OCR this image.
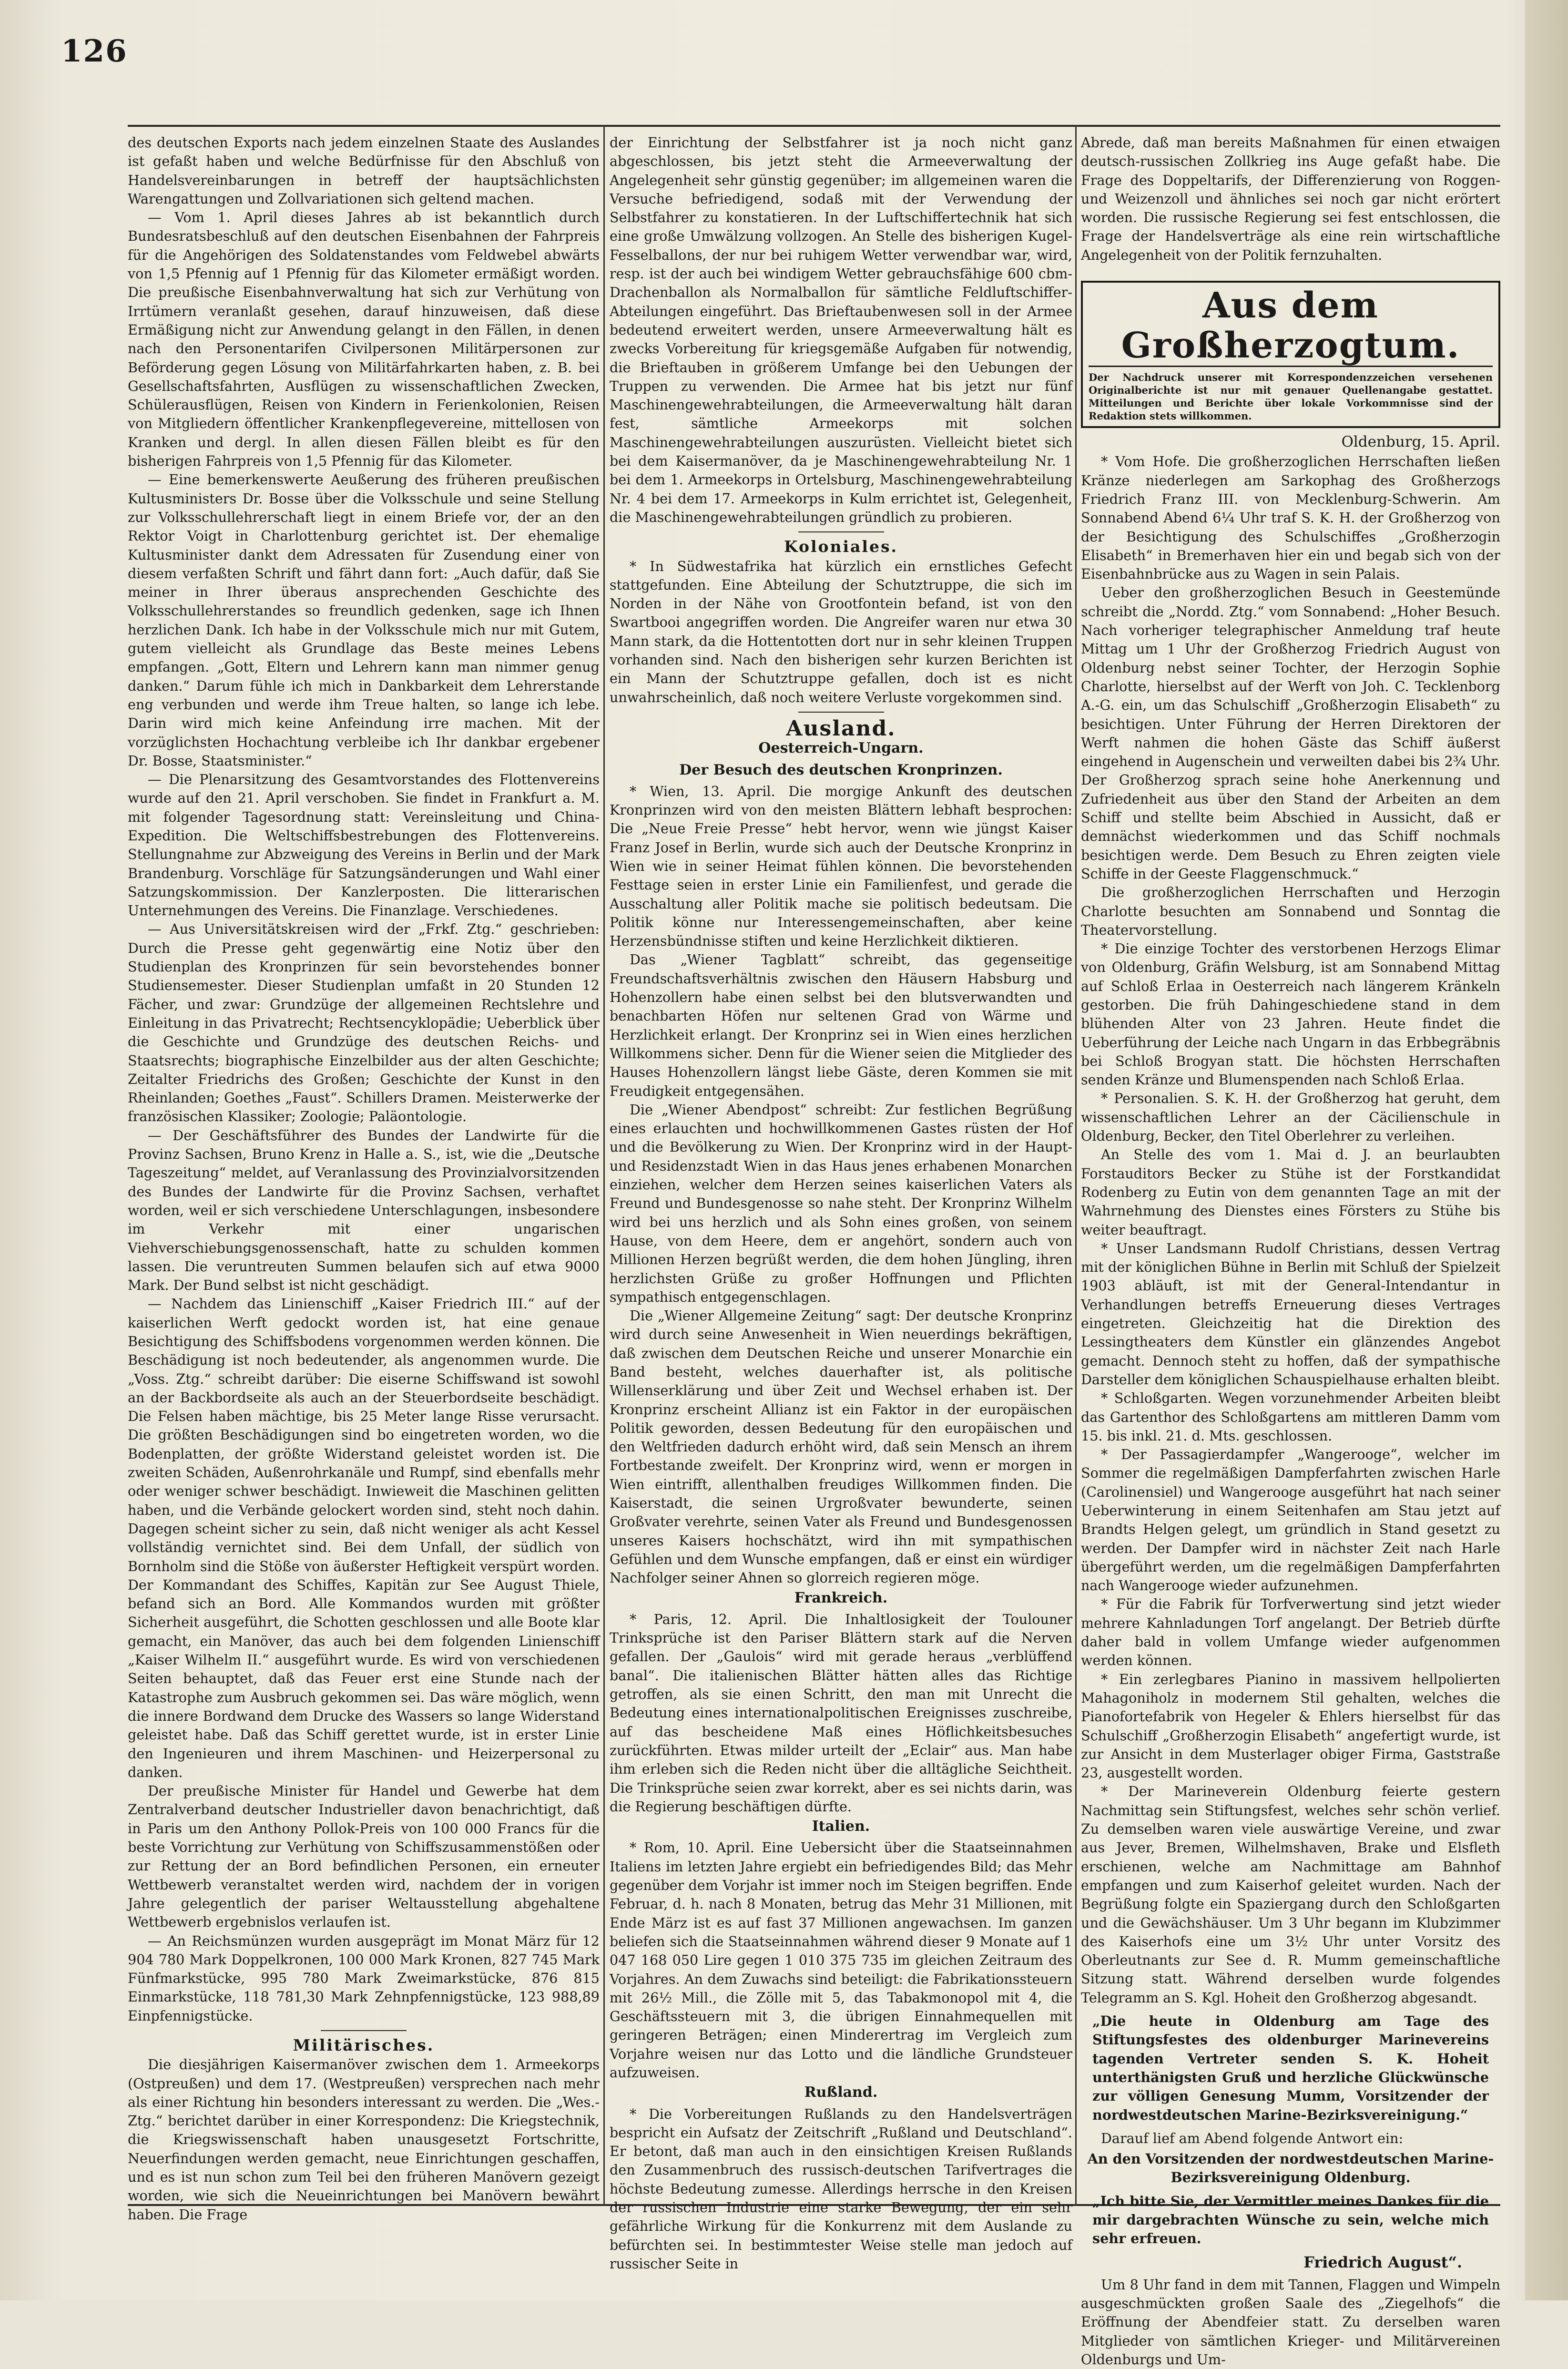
126

des deutschen Exports nach jedem einzelnen Staate des Auslandes ist gefaßt haben und welche Bedürfnisse für den Abschluß von Handelsvereinbarungen in betreff der hauptsächlichsten Warengattungen und Zollvariationen sich geltend machen.

— Vom 1. April dieses Jahres ab ist bekanntlich durch Bundesratsbeschluß auf den deutschen Eisenbahnen der Fahrpreis für die Angehörigen des Soldatenstandes vom Feldwebel abwärts von 1,5 Pfennig auf 1 Pfennig für das Kilometer ermäßigt worden. Die preußische Eisenbahnverwaltung hat sich zur Verhütung von Irrtümern veranlaßt gesehen, darauf hinzuweisen, daß diese Ermäßigung nicht zur Anwendung gelangt in den Fällen, in denen nach den Personentarifen Civilpersonen Militärpersonen zur Beförderung gegen Lösung von Militärfahrkarten haben, z. B. bei Gesellschaftsfahrten, Ausflügen zu wissenschaftlichen Zwecken, Schülerausflügen, Reisen von Kindern in Ferienkolonien, Reisen von Mitgliedern öffentlicher Krankenpflegevereine, mittellosen von Kranken und dergl. In allen diesen Fällen bleibt es für den bisherigen Fahrpreis von 1,5 Pfennig für das Kilometer.

— Eine bemerkenswerte Aeußerung des früheren preußischen Kultusministers Dr. Bosse über die Volksschule und seine Stellung zur Volksschullehrerschaft liegt in einem Briefe vor, der an den Rektor Voigt in Charlottenburg gerichtet ist. Der ehemalige Kultusminister dankt dem Adressaten für Zusendung einer von diesem verfaßten Schrift und fährt dann fort: „Auch dafür, daß Sie meiner in Ihrer überaus ansprechenden Geschichte des Volksschullehrerstandes so freundlich gedenken, sage ich Ihnen herzlichen Dank. Ich habe in der Volksschule mich nur mit Gutem, gutem vielleicht als Grundlage das Beste meines Lebens empfangen. „Gott, Eltern und Lehrern kann man nimmer genug danken.“ Darum fühle ich mich in Dankbarkeit dem Lehrerstande eng verbunden und werde ihm Treue halten, so lange ich lebe. Darin wird mich keine Anfeindung irre machen. Mit der vorzüglichsten Hochachtung verbleibe ich Ihr dankbar ergebener Dr. Bosse, Staatsminister.“

— Die Plenarsitzung des Gesamtvorstandes des Flottenvereins wurde auf den 21. April verschoben. Sie findet in Frankfurt a. M. mit folgender Tagesordnung statt: Vereinsleitung und China-Expedition. Die Weltschiffsbestrebungen des Flottenvereins. Stellungnahme zur Abzweigung des Vereins in Berlin und der Mark Brandenburg. Vorschläge für Satzungsänderungen und Wahl einer Satzungskommission. Der Kanzlerposten. Die litterarischen Unternehmungen des Vereins. Die Finanzlage. Verschiedenes.

— Aus Universitätskreisen wird der „Frkf. Ztg.“ geschrieben: Durch die Presse geht gegenwärtig eine Notiz über den Studienplan des Kronprinzen für sein bevorstehendes bonner Studiensemester. Dieser Studienplan umfaßt in 20 Stunden 12 Fächer, und zwar: Grundzüge der allgemeinen Rechtslehre und Einleitung in das Privatrecht; Rechtsencyklopädie; Ueberblick über die Geschichte und Grundzüge des deutschen Reichs- und Staatsrechts; biographische Einzelbilder aus der alten Geschichte; Zeitalter Friedrichs des Großen; Geschichte der Kunst in den Rheinlanden; Goethes „Faust“. Schillers Dramen. Meisterwerke der französischen Klassiker; Zoologie; Paläontologie.

— Der Geschäftsführer des Bundes der Landwirte für die Provinz Sachsen, Bruno Krenz in Halle a. S., ist, wie die „Deutsche Tageszeitung“ meldet, auf Veranlassung des Provinzialvorsitzenden des Bundes der Landwirte für die Provinz Sachsen, verhaftet worden, weil er sich verschiedene Unterschlagungen, insbesondere im Verkehr mit einer ungarischen Viehverschiebungsgenossenschaft, hatte zu schulden kommen lassen. Die veruntreuten Summen belaufen sich auf etwa 9000 Mark. Der Bund selbst ist nicht geschädigt.

— Nachdem das Linienschiff „Kaiser Friedrich III.“ auf der kaiserlichen Werft gedockt worden ist, hat eine genaue Besichtigung des Schiffsbodens vorgenommen werden können. Die Beschädigung ist noch bedeutender, als angenommen wurde. Die „Voss. Ztg.“ schreibt darüber: Die eiserne Schiffswand ist sowohl an der Backbordseite als auch an der Steuerbordseite beschädigt. Die Felsen haben mächtige, bis 25 Meter lange Risse verursacht. Die größten Beschädigungen sind bo eingetreten worden, wo die Bodenplatten, der größte Widerstand geleistet worden ist. Die zweiten Schäden, Außenrohrkanäle und Rumpf, sind ebenfalls mehr oder weniger schwer beschädigt. Inwieweit die Maschinen gelitten haben, und die Verbände gelockert worden sind, steht noch dahin. Dagegen scheint sicher zu sein, daß nicht weniger als acht Kessel vollständig vernichtet sind. Bei dem Unfall, der südlich von Bornholm sind die Stöße von äußerster Heftigkeit verspürt worden. Der Kommandant des Schiffes, Kapitän zur See August Thiele, befand sich an Bord. Alle Kommandos wurden mit größter Sicherheit ausgeführt, die Schotten geschlossen und alle Boote klar gemacht, ein Manöver, das auch bei dem folgenden Linienschiff „Kaiser Wilhelm II.“ ausgeführt wurde. Es wird von verschiedenen Seiten behauptet, daß das Feuer erst eine Stunde nach der Katastrophe zum Ausbruch gekommen sei. Das wäre möglich, wenn die innere Bordwand dem Drucke des Wassers so lange Widerstand geleistet habe. Daß das Schiff gerettet wurde, ist in erster Linie den Ingenieuren und ihrem Maschinen- und Heizerpersonal zu danken.

Der preußische Minister für Handel und Gewerbe hat dem Zentralverband deutscher Industrieller davon benachrichtigt, daß in Paris um den Anthony Pollok-Preis von 100 000 Francs für die beste Vorrichtung zur Verhütung von Schiffszusammenstößen oder zur Rettung der an Bord befindlichen Personen, ein erneuter Wettbewerb veranstaltet werden wird, nachdem der in vorigen Jahre gelegentlich der pariser Weltausstellung abgehaltene Wettbewerb ergebnislos verlaufen ist.

— An Reichsmünzen wurden ausgeprägt im Monat März für 12 904 780 Mark Doppelkronen, 100 000 Mark Kronen, 827 745 Mark Fünfmarkstücke, 995 780 Mark Zweimarkstücke, 876 815 Einmarkstücke, 118 781,30 Mark Zehnpfennigstücke, 123 988,89 Einpfennigstücke.

Militärisches.

Die diesjährigen Kaisermanöver zwischen dem 1. Armeekorps (Ostpreußen) und dem 17. (Westpreußen) versprechen nach mehr als einer Richtung hin besonders interessant zu werden. Die „Wes.-Ztg.“ berichtet darüber in einer Korrespondenz: Die Kriegstechnik, die Kriegswissenschaft haben unausgesetzt Fortschritte, Neuerfindungen werden gemacht, neue Einrichtungen geschaffen, und es ist nun schon zum Teil bei den früheren Manövern gezeigt worden, wie sich die Neueinrichtungen bei Manövern bewährt haben. Die Frage

der Einrichtung der Selbstfahrer ist ja noch nicht ganz abgeschlossen, bis jetzt steht die Armeeverwaltung der Angelegenheit sehr günstig gegenüber; im allgemeinen waren die Versuche befriedigend, sodaß mit der Verwendung der Selbstfahrer zu konstatieren. In der Luftschiffertechnik hat sich eine große Umwälzung vollzogen. An Stelle des bisherigen Kugel-Fesselballons, der nur bei ruhigem Wetter verwendbar war, wird, resp. ist der auch bei windigem Wetter gebrauchsfähige 600 cbm-Drachenballon als Normalballon für sämtliche Feldluftschiffer-Abteilungen eingeführt. Das Brieftaubenwesen soll in der Armee bedeutend erweitert werden, unsere Armeeverwaltung hält es zwecks Vorbereitung für kriegsgemäße Aufgaben für notwendig, die Brieftauben in größerem Umfange bei den Uebungen der Truppen zu verwenden. Die Armee hat bis jetzt nur fünf Maschinengewehrabteilungen, die Armeeverwaltung hält daran fest, sämtliche Armeekorps mit solchen Maschinengewehrabteilungen auszurüsten. Vielleicht bietet sich bei dem Kaisermanöver, da je Maschinengewehrabteilung Nr. 1 bei dem 1. Armeekorps in Ortelsburg, Maschinengewehrabteilung Nr. 4 bei dem 17. Armeekorps in Kulm errichtet ist, Gelegenheit, die Maschinengewehrabteilungen gründlich zu probieren.

Koloniales.

* In Südwestafrika hat kürzlich ein ernstliches Gefecht stattgefunden. Eine Abteilung der Schutztruppe, die sich im Norden in der Nähe von Grootfontein befand, ist von den Swartbooi angegriffen worden. Die Angreifer waren nur etwa 30 Mann stark, da die Hottentotten dort nur in sehr kleinen Truppen vorhanden sind. Nach den bisherigen sehr kurzen Berichten ist ein Mann der Schutztruppe gefallen, doch ist es nicht unwahrscheinlich, daß noch weitere Verluste vorgekommen sind.

Ausland.
Oesterreich-Ungarn.
Der Besuch des deutschen Kronprinzen.

* Wien, 13. April. Die morgige Ankunft des deutschen Kronprinzen wird von den meisten Blättern lebhaft besprochen: Die „Neue Freie Presse“ hebt hervor, wenn wie jüngst Kaiser Franz Josef in Berlin, wurde sich auch der Deutsche Kronprinz in Wien wie in seiner Heimat fühlen können. Die bevorstehenden Festtage seien in erster Linie ein Familienfest, und gerade die Ausschaltung aller Politik mache sie politisch bedeutsam. Die Politik könne nur Interessengemeinschaften, aber keine Herzensbündnisse stiften und keine Herzlichkeit diktieren.

Das „Wiener Tagblatt“ schreibt, das gegenseitige Freundschaftsverhältnis zwischen den Häusern Habsburg und Hohenzollern habe einen selbst bei den blutsverwandten und benachbarten Höfen nur seltenen Grad von Wärme und Herzlichkeit erlangt. Der Kronprinz sei in Wien eines herzlichen Willkommens sicher. Denn für die Wiener seien die Mitglieder des Hauses Hohenzollern längst liebe Gäste, deren Kommen sie mit Freudigkeit entgegensähen.

Die „Wiener Abendpost“ schreibt: Zur festlichen Begrüßung eines erlauchten und hochwillkommenen Gastes rüsten der Hof und die Bevölkerung zu Wien. Der Kronprinz wird in der Haupt- und Residenzstadt Wien in das Haus jenes erhabenen Monarchen einziehen, welcher dem Herzen seines kaiserlichen Vaters als Freund und Bundesgenosse so nahe steht. Der Kronprinz Wilhelm wird bei uns herzlich und als Sohn eines großen, von seinem Hause, von dem Heere, dem er angehört, sondern auch von Millionen Herzen begrüßt werden, die dem hohen Jüngling, ihren herzlichsten Grüße zu großer Hoffnungen und Pflichten sympathisch entgegenschlagen.

Die „Wiener Allgemeine Zeitung“ sagt: Der deutsche Kronprinz wird durch seine Anwesenheit in Wien neuerdings bekräftigen, daß zwischen dem Deutschen Reiche und unserer Monarchie ein Band besteht, welches dauerhafter ist, als politische Willenserklärung und über Zeit und Wechsel erhaben ist. Der Kronprinz erscheint Allianz ist ein Faktor in der europäischen Politik geworden, dessen Bedeutung für den europäischen und den Weltfrieden dadurch erhöht wird, daß sein Mensch an ihrem Fortbestande zweifelt. Der Kronprinz wird, wenn er morgen in Wien eintrifft, allenthalben freudiges Willkommen finden. Die Kaiserstadt, die seinen Urgroßvater bewunderte, seinen Großvater verehrte, seinen Vater als Freund und Bundesgenossen unseres Kaisers hochschätzt, wird ihn mit sympathischen Gefühlen und dem Wunsche empfangen, daß er einst ein würdiger Nachfolger seiner Ahnen so glorreich regieren möge.

Frankreich.

* Paris, 12. April. Die Inhaltlosigkeit der Toulouner Trinksprüche ist den Pariser Blättern stark auf die Nerven gefallen. Der „Gaulois“ wird mit gerade heraus „verblüffend banal“. Die italienischen Blätter hätten alles das Richtige getroffen, als sie einen Schritt, den man mit Unrecht die Bedeutung eines internationalpolitischen Ereignisses zuschreibe, auf das bescheidene Maß eines Höflichkeitsbesuches zurückführten. Etwas milder urteilt der „Eclair“ aus. Man habe ihm erleben sich die Reden nicht über die alltägliche Seichtheit. Die Trinksprüche seien zwar korrekt, aber es sei nichts darin, was die Regierung beschäftigen dürfte.

Italien.

* Rom, 10. April. Eine Uebersicht über die Staatseinnahmen Italiens im letzten Jahre ergiebt ein befriedigendes Bild; das Mehr gegenüber dem Vorjahr ist immer noch im Steigen begriffen. Ende Februar, d. h. nach 8 Monaten, betrug das Mehr 31 Millionen, mit Ende März ist es auf fast 37 Millionen angewachsen. Im ganzen beliefen sich die Staatseinnahmen während dieser 9 Monate auf 1 047 168 050 Lire gegen 1 010 375 735 im gleichen Zeitraum des Vorjahres. An dem Zuwachs sind beteiligt: die Fabrikationssteuern mit 26½ Mill., die Zölle mit 5, das Tabakmonopol mit 4, die Geschäftssteuern mit 3, die übrigen Einnahmequellen mit geringeren Beträgen; einen Minderertrag im Vergleich zum Vorjahre weisen nur das Lotto und die ländliche Grundsteuer aufzuweisen.

Rußland.

* Die Vorbereitungen Rußlands zu den Handelsverträgen bespricht ein Aufsatz der Zeitschrift „Rußland und Deutschland“. Er betont, daß man auch in den einsichtigen Kreisen Rußlands den Zusammenbruch des russisch-deutschen Tarifvertrages die höchste Bedeutung zumesse. Allerdings herrsche in den Kreisen der russischen Industrie eine starke Bewegung, der ein sehr gefährliche Wirkung für die Konkurrenz mit dem Auslande zu befürchten sei. In bestimmtester Weise stelle man jedoch auf russischer Seite in

Abrede, daß man bereits Maßnahmen für einen etwaigen deutsch-russischen Zollkrieg ins Auge gefaßt habe. Die Frage des Doppeltarifs, der Differenzierung von Roggen- und Weizenzoll und ähnliches sei noch gar nicht erörtert worden. Die russische Regierung sei fest entschlossen, die Frage der Handelsverträge als eine rein wirtschaftliche Angelegenheit von der Politik fernzuhalten.

Aus dem Großherzogtum.
Der Nachdruck unserer mit Korrespondenzzeichen versehenen Originalberichte ist nur mit genauer Quellenangabe gestattet. Mitteilungen und Berichte über lokale Vorkommnisse sind der Redaktion stets willkommen.
Oldenburg, 15. April.

* Vom Hofe. Die großherzoglichen Herrschaften ließen Kränze niederlegen am Sarkophag des Großherzogs Friedrich Franz III. von Mecklenburg-Schwerin. Am Sonnabend Abend 6¼ Uhr traf S. K. H. der Großherzog von der Besichtigung des Schulschiffes „Großherzogin Elisabeth“ in Bremerhaven hier ein und begab sich von der Eisenbahnbrücke aus zu Wagen in sein Palais.

Ueber den großherzoglichen Besuch in Geestemünde schreibt die „Nordd. Ztg.“ vom Sonnabend: „Hoher Besuch. Nach vorheriger telegraphischer Anmeldung traf heute Mittag um 1 Uhr der Großherzog Friedrich August von Oldenburg nebst seiner Tochter, der Herzogin Sophie Charlotte, hierselbst auf der Werft von Joh. C. Tecklenborg A.-G. ein, um das Schulschiff „Großherzogin Elisabeth“ zu besichtigen. Unter Führung der Herren Direktoren der Werft nahmen die hohen Gäste das Schiff äußerst eingehend in Augenschein und verweilten dabei bis 2¾ Uhr. Der Großherzog sprach seine hohe Anerkennung und Zufriedenheit aus über den Stand der Arbeiten an dem Schiff und stellte beim Abschied in Aussicht, daß er demnächst wiederkommen und das Schiff nochmals besichtigen werde. Dem Besuch zu Ehren zeigten viele Schiffe in der Geeste Flaggenschmuck.“

Die großherzoglichen Herrschaften und Herzogin Charlotte besuchten am Sonnabend und Sonntag die Theatervorstellung.

* Die einzige Tochter des verstorbenen Herzogs Elimar von Oldenburg, Gräfin Welsburg, ist am Sonnabend Mittag auf Schloß Erlaa in Oesterreich nach längerem Kränkeln gestorben. Die früh Dahingeschiedene stand in dem blühenden Alter von 23 Jahren. Heute findet die Ueberführung der Leiche nach Ungarn in das Erbbegräbnis bei Schloß Brogyan statt. Die höchsten Herrschaften senden Kränze und Blumenspenden nach Schloß Erlaa.

* Personalien. S. K. H. der Großherzog hat geruht, dem wissenschaftlichen Lehrer an der Cäcilienschule in Oldenburg, Becker, den Titel Oberlehrer zu verleihen.

An Stelle des vom 1. Mai d. J. an beurlaubten Forstauditors Becker zu Stühe ist der Forstkandidat Rodenberg zu Eutin von dem genannten Tage an mit der Wahrnehmung des Dienstes eines Försters zu Stühe bis weiter beauftragt.

* Unser Landsmann Rudolf Christians, dessen Vertrag mit der königlichen Bühne in Berlin mit Schluß der Spielzeit 1903 abläuft, ist mit der General-Intendantur in Verhandlungen betreffs Erneuerung dieses Vertrages eingetreten. Gleichzeitig hat die Direktion des Lessingtheaters dem Künstler ein glänzendes Angebot gemacht. Dennoch steht zu hoffen, daß der sympathische Darsteller dem königlichen Schauspielhause erhalten bleibt.

* Schloßgarten. Wegen vorzunehmender Arbeiten bleibt das Gartenthor des Schloßgartens am mittleren Damm vom 15. bis inkl. 21. d. Mts. geschlossen.

* Der Passagierdampfer „Wangerooge“, welcher im Sommer die regelmäßigen Dampferfahrten zwischen Harle (Carolinensiel) und Wangerooge ausgeführt hat nach seiner Ueberwinterung in einem Seitenhafen am Stau jetzt auf Brandts Helgen gelegt, um gründlich in Stand gesetzt zu werden. Der Dampfer wird in nächster Zeit nach Harle übergeführt werden, um die regelmäßigen Dampferfahrten nach Wangerooge wieder aufzunehmen.

* Für die Fabrik für Torfverwertung sind jetzt wieder mehrere Kahnladungen Torf angelangt. Der Betrieb dürfte daher bald in vollem Umfange wieder aufgenommen werden können.

* Ein zerlegbares Pianino in massivem hellpolierten Mahagoniholz in modernem Stil gehalten, welches die Pianofortefabrik von Hegeler & Ehlers hierselbst für das Schulschiff „Großherzogin Elisabeth“ angefertigt wurde, ist zur Ansicht in dem Musterlager obiger Firma, Gaststraße 23, ausgestellt worden.

* Der Marineverein Oldenburg feierte gestern Nachmittag sein Stiftungsfest, welches sehr schön verlief. Zu demselben waren viele auswärtige Vereine, und zwar aus Jever, Bremen, Wilhelmshaven, Brake und Elsfleth erschienen, welche am Nachmittage am Bahnhof empfangen und zum Kaiserhof geleitet wurden. Nach der Begrüßung folgte ein Spaziergang durch den Schloßgarten und die Gewächshäuser. Um 3 Uhr begann im Klubzimmer des Kaiserhofs eine um 3½ Uhr unter Vorsitz des Oberleutnants zur See d. R. Mumm gemeinschaftliche Sitzung statt. Während derselben wurde folgendes Telegramm an S. Kgl. Hoheit den Großherzog abgesandt.

„Die heute in Oldenburg am Tage des Stiftungsfestes des oldenburger Marinevereins tagenden Vertreter senden S. K. Hoheit unterthänigsten Gruß und herzliche Glückwünsche zur völligen Genesung Mumm, Vorsitzender der nordwestdeutschen Marine-Bezirksvereinigung.“

Darauf lief am Abend folgende Antwort ein:

An den Vorsitzenden der nordwestdeutschen Marine-Bezirksvereinigung Oldenburg.
„Ich bitte Sie, der Vermittler meines Dankes für die mir dargebrachten Wünsche zu sein, welche mich sehr erfreuen.
Friedrich August“.

Um 8 Uhr fand in dem mit Tannen, Flaggen und Wimpeln ausgeschmückten großen Saale des „Ziegelhofs“ die Eröffnung der Abendfeier statt. Zu derselben waren Mitglieder von sämtlichen Krieger- und Militärvereinen Oldenburgs und Um-
